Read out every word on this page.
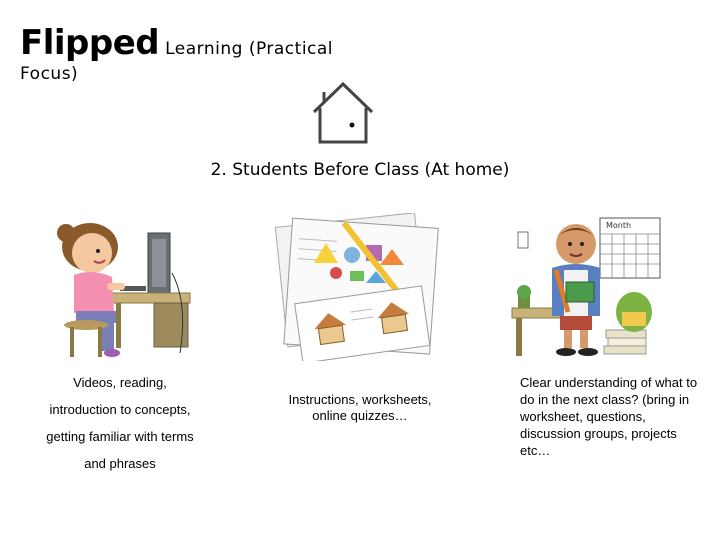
Flipped Learning (Practical
Focus)
2. Students Before Class (At home)
Month

Videos, reading,

introduction to concepts,

getting familiar with terms

and phrases

Instructions, worksheets, online quizzes…
Clear understanding of what to do in the next class? (bring in worksheet, questions, discussion groups, projects etc…
